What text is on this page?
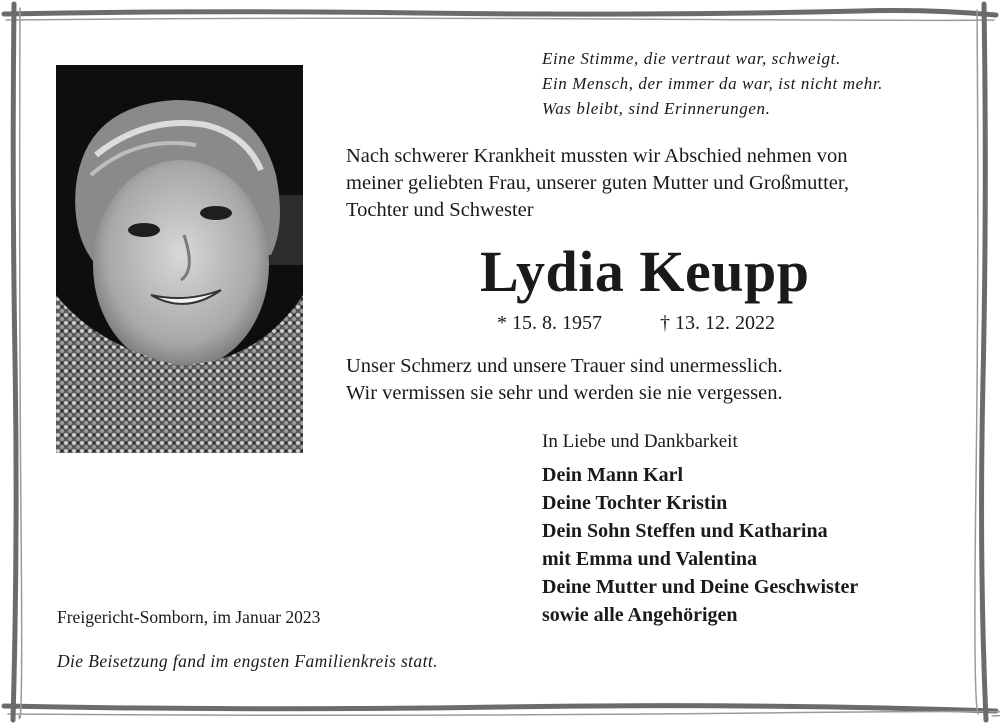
Eine Stimme, die vertraut war, schweigt.
Ein Mensch, der immer da war, ist nicht mehr.
Was bleibt, sind Erinnerungen.
Nach schwerer Krankheit mussten wir Abschied nehmen von
meiner geliebten Frau, unserer guten Mutter und Großmutter,
Tochter und Schwester
Lydia Keupp
* 15. 8. 1957	† 13. 12. 2022
Unser Schmerz und unsere Trauer sind unermesslich.
Wir vermissen sie sehr und werden sie nie vergessen.
In Liebe und Dankbarkeit
Dein Mann Karl
Deine Tochter Kristin
Dein Sohn Steffen und Katharina
mit Emma und Valentina
Deine Mutter und Deine Geschwister
sowie alle Angehörigen
Freigericht-Somborn, im Januar 2023
Die Beisetzung fand im engsten Familienkreis statt.
